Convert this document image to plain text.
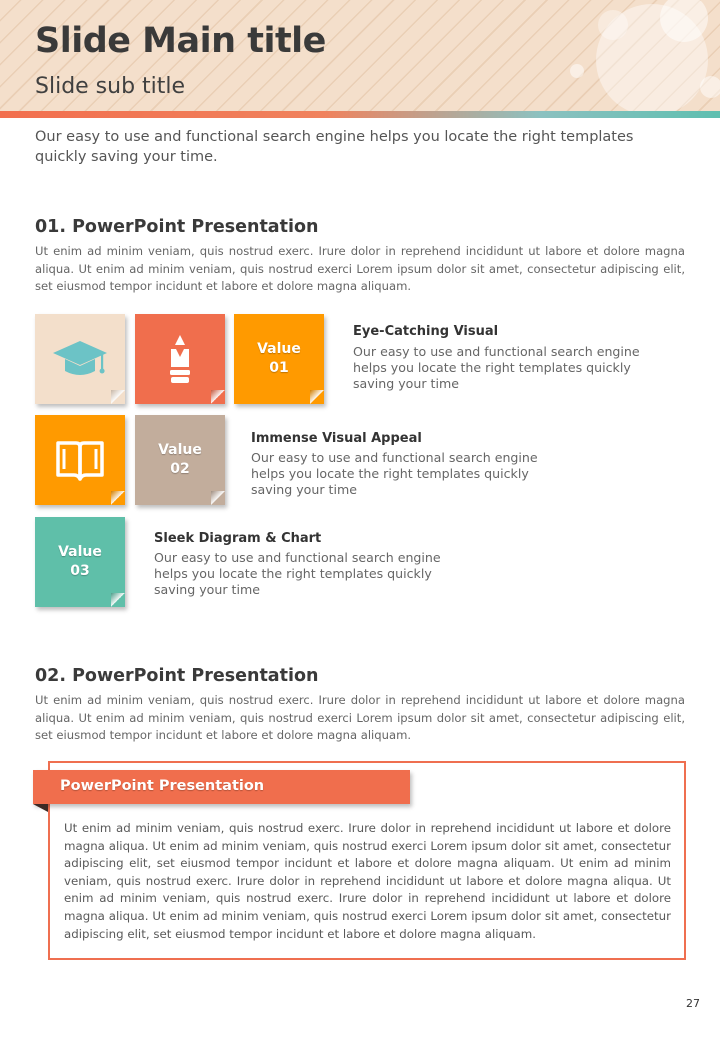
Slide Main title
Slide sub title
Our easy to use and functional search engine helps you locate the right templates quickly saving your time.
01. PowerPoint Presentation
Ut enim ad minim veniam, quis nostrud exerc. Irure dolor in reprehend incididunt ut labore et dolore magna aliqua. Ut enim ad minim veniam, quis nostrud exerci Lorem ipsum dolor sit amet, consectetur adipiscing elit, set eiusmod tempor incidunt et labore et dolore magna aliquam.
Value
01
Eye-Catching Visual
Our easy to use and functional search engine helps you locate the right templates quickly saving your time
Value
02
Immense Visual Appeal
Our easy to use and functional search engine helps you locate the right templates quickly saving your time
Value
03
Sleek Diagram & Chart
Our easy to use and functional search engine helps you locate the right templates quickly saving your time
02. PowerPoint Presentation
Ut enim ad minim veniam, quis nostrud exerc. Irure dolor in reprehend incididunt ut labore et dolore magna aliqua. Ut enim ad minim veniam, quis nostrud exerci Lorem ipsum dolor sit amet, consectetur adipiscing elit, set eiusmod tempor incidunt et labore et dolore magna aliquam.
PowerPoint Presentation
Ut enim ad minim veniam, quis nostrud exerc. Irure dolor in reprehend incididunt ut labore et dolore magna aliqua. Ut enim ad minim veniam, quis nostrud exerci Lorem ipsum dolor sit amet, consectetur adipiscing elit, set eiusmod tempor incidunt et labore et dolore magna aliquam. Ut enim ad minim veniam, quis nostrud exerc. Irure dolor in reprehend incididunt ut labore et dolore magna aliqua. Ut enim ad minim veniam, quis nostrud exerc. Irure dolor in reprehend incididunt ut labore et dolore magna aliqua. Ut enim ad minim veniam, quis nostrud exerci Lorem ipsum dolor sit amet, consectetur adipiscing elit, set eiusmod tempor incidunt et labore et dolore magna aliquam.
27
